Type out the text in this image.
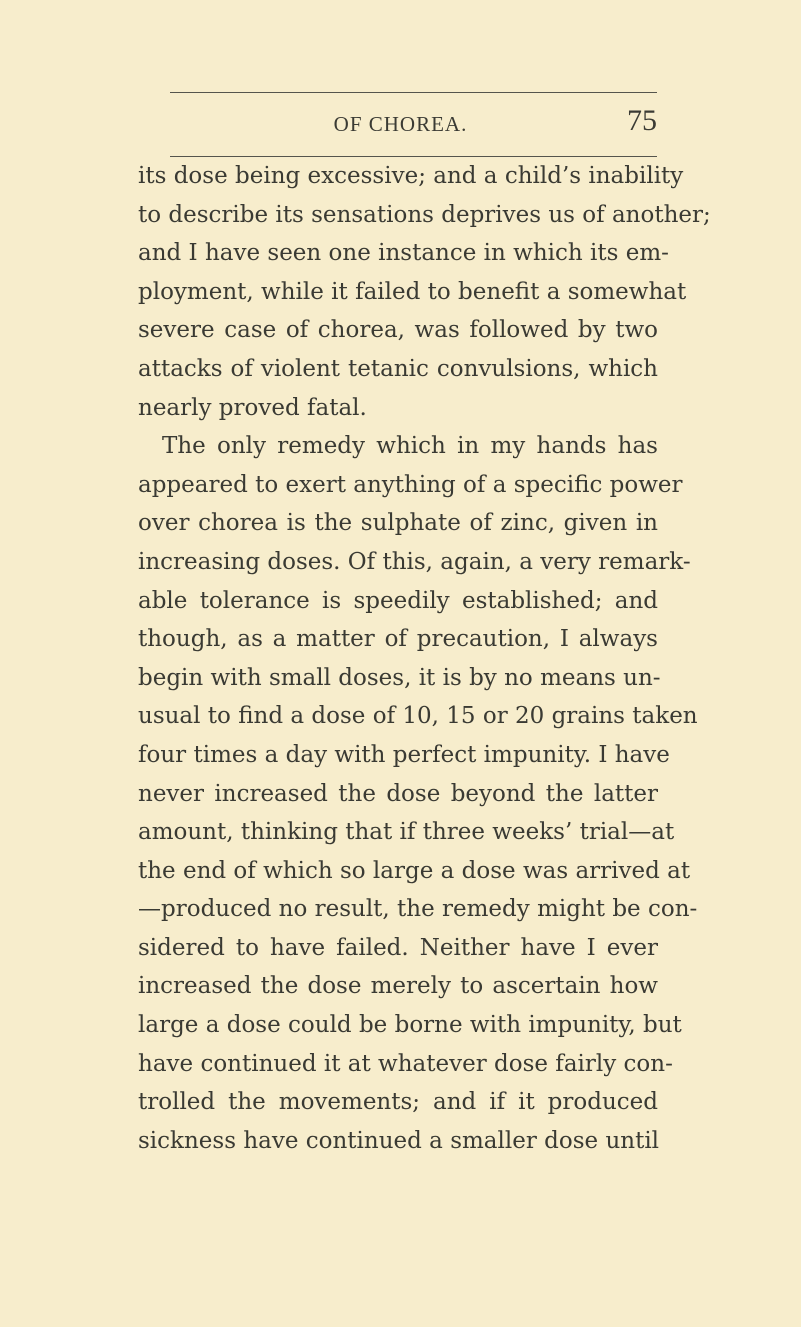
OF CHOREA.	75
its dose being excessive; and a child’s inability
to describe its sensations deprives us of another;
and I have seen one instance in which its em-
ployment, while it failed to benefit a somewhat
severe case of chorea, was followed by two
attacks of violent tetanic convulsions, which
nearly proved fatal.
The only remedy which in my hands has
appeared to exert anything of a specific power
over chorea is the sulphate of zinc, given in
increasing doses. Of this, again, a very remark-
able tolerance is speedily established; and
though, as a matter of precaution, I always
begin with small doses, it is by no means un-
usual to find a dose of 10, 15 or 20 grains taken
four times a day with perfect impunity. I have
never increased the dose beyond the latter
amount, thinking that if three weeks’ trial—at
the end of which so large a dose was arrived at
—produced no result, the remedy might be con-
sidered to have failed. Neither have I ever
increased the dose merely to ascertain how
large a dose could be borne with impunity, but
have continued it at whatever dose fairly con-
trolled the movements; and if it produced
sickness have continued a smaller dose until
